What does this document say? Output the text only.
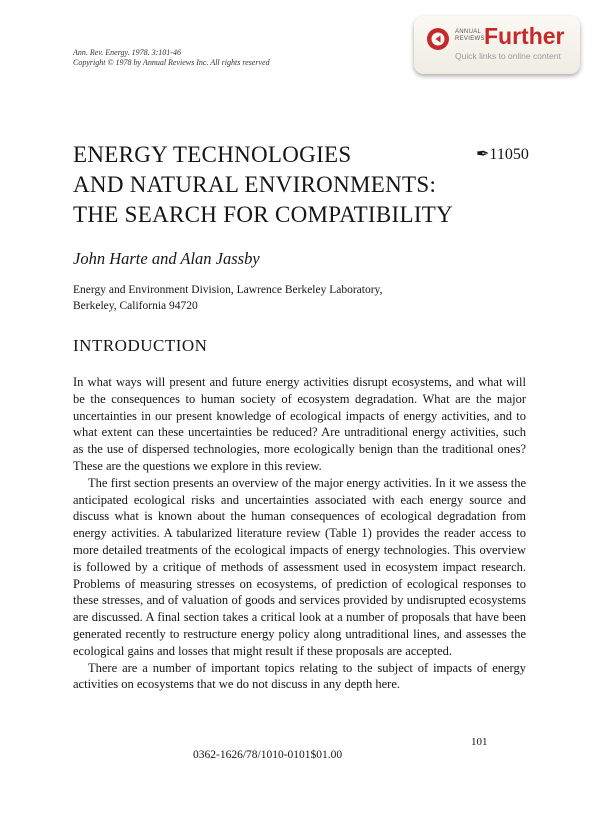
Ann. Rev. Energy. 1978. 3:101-46
Copyright © 1978 by Annual Reviews Inc. All rights reserved
ANNUAL
REVIEWS Further
Quick links to online content
ENERGY TECHNOLOGIES
AND NATURAL ENVIRONMENTS:
THE SEARCH FOR COMPATIBILITY
✒11050
John Harte and Alan Jassby
Energy and Environment Division, Lawrence Berkeley Laboratory,
Berkeley, California 94720
INTRODUCTION

In what ways will present and future energy activities disrupt ecosystems, and what will be the consequences to human society of ecosystem degradation. What are the major uncertainties in our present knowledge of ecological impacts of energy activities, and to what extent can these uncertainties be reduced? Are untraditional energy activities, such as the use of dispersed technologies, more ecologically benign than the traditional ones? These are the questions we explore in this review.

The first section presents an overview of the major energy activities. In it we assess the anticipated ecological risks and uncertainties associated with each energy source and discuss what is known about the human consequences of ecological degradation from energy activities. A tabularized literature review (Table 1) provides the reader access to more detailed treatments of the ecological impacts of energy technologies. This overview is followed by a critique of methods of assessment used in ecosystem impact research. Problems of measuring stresses on ecosystems, of prediction of ecological responses to these stresses, and of valuation of goods and services provided by undisrupted ecosystems are discussed. A final section takes a critical look at a number of proposals that have been generated recently to restructure energy policy along untraditional lines, and assesses the ecological gains and losses that might result if these proposals are accepted.

There are a number of important topics relating to the subject of impacts of energy activities on ecosystems that we do not discuss in any depth here.

101
0362-1626/78/1010-0101$01.00
